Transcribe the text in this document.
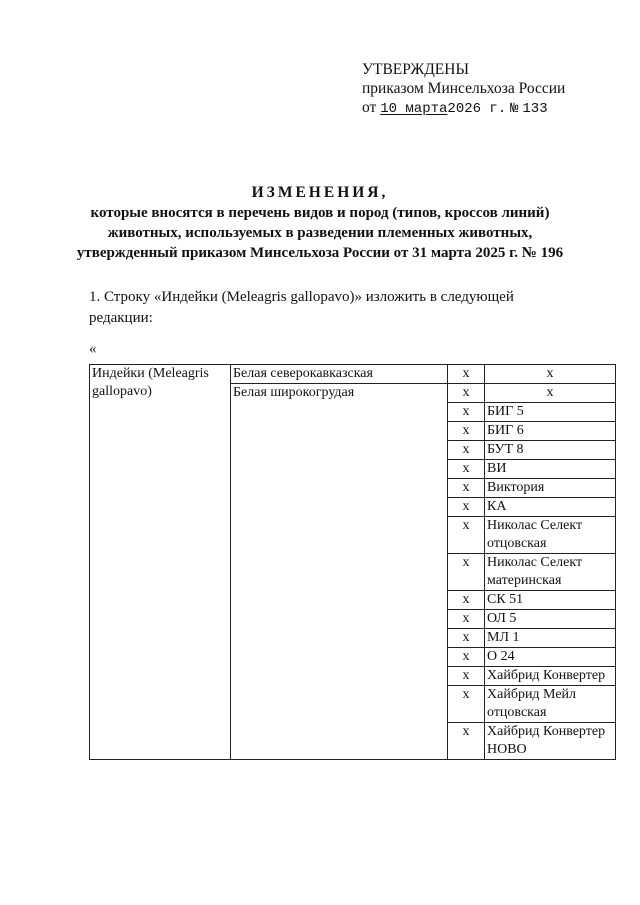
УТВЕРЖДЕНЫ
приказом Минсельхоза России
от 10 марта2026 г. № 133
ИЗМЕНЕНИЯ,
которые вносятся в перечень видов и пород (типов, кроссов линий)
животных, используемых в разведении племенных животных,
утвержденный приказом Минсельхоза России от 31 марта 2025 г. № 196
1. Строку «Индейки (Meleagris gallopavo)» изложить в следующей
редакции:
«
Индейки (Meleagris gallopavo)	Белая северокавказская	х	х
	Белая широкогрудая	х	х
		х	БИГ 5
		х	БИГ 6
		х	БУТ 8
		х	ВИ
		х	Виктория
		х	КА
		х	Николас Селект отцовская
		х	Николас Селект материнская
		х	СК 51
		х	ОЛ 5
		х	МЛ 1
		х	О 24
		х	Хайбрид Конвертер
		х	Хайбрид Мейл отцовская
		х	Хайбрид Конвертер НОВО
